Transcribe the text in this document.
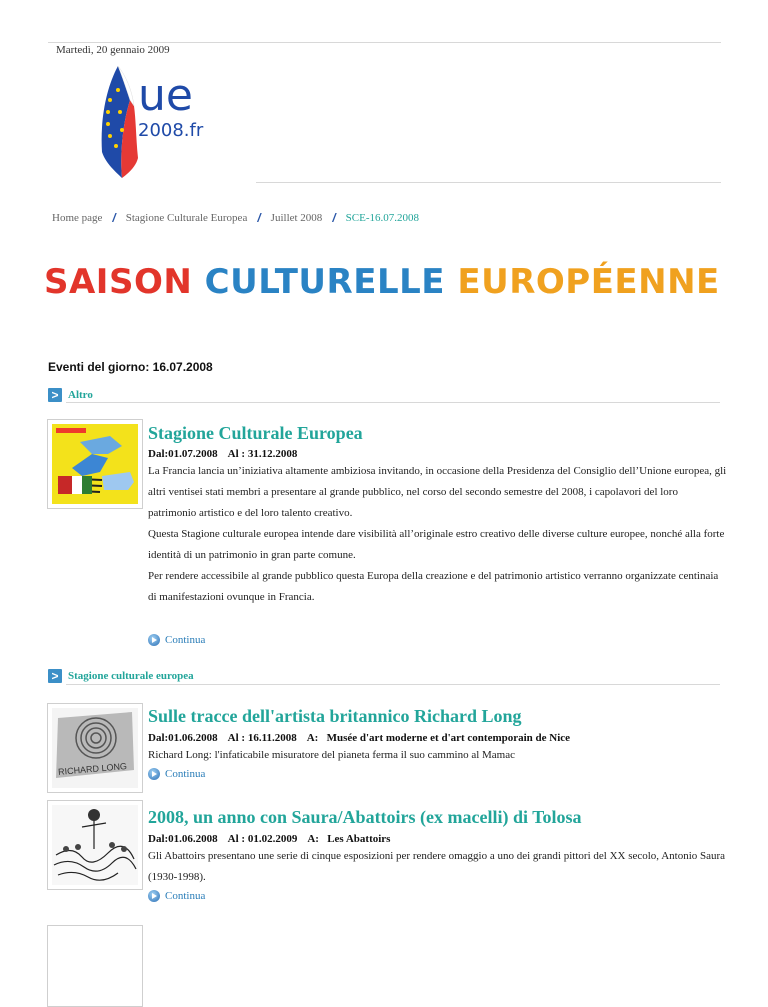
Martedì, 20 gennaio 2009
ue
2008.fr
Home page / Stagione Culturale Europea / Juillet 2008 / SCE-16.07.2008
SAISON CULTURELLE EUROPÉENNE
Eventi del giorno: 16.07.2008
> Altro
Stagione Culturale Europea
Dal:01.07.2008 Al : 31.12.2008
La Francia lancia un’iniziativa altamente ambiziosa invitando, in occasione della Presidenza del Consiglio dell’Unione europea, gli altri ventisei stati membri a presentare al grande pubblico, nel corso del secondo semestre del 2008, i capolavori del loro patrimonio artistico e del loro talento creativo.
Questa Stagione culturale europea intende dare visibilità all’originale estro creativo delle diverse culture europee, nonché alla forte identità di un patrimonio in gran parte comune.
Per rendere accessibile al grande pubblico questa Europa della creazione e del patrimonio artistico verranno organizzate centinaia di manifestazioni ovunque in Francia.
Continua
> Stagione culturale europea
RICHARD LONG
Sulle tracce dell'artista britannico Richard Long
Dal:01.06.2008 Al : 16.11.2008 A:   Musée d'art moderne et d'art contemporain de Nice
Richard Long: l'infaticabile misuratore del pianeta ferma il suo cammino al Mamac
Continua
2008, un anno con Saura/Abattoirs (ex macelli) di Tolosa
Dal:01.06.2008 Al : 01.02.2009 A:   Les Abattoirs
Gli Abattoirs presentano une serie di cinque esposizioni per rendere omaggio a uno dei grandi pittori del XX secolo, Antonio Saura (1930-1998).
Continua
